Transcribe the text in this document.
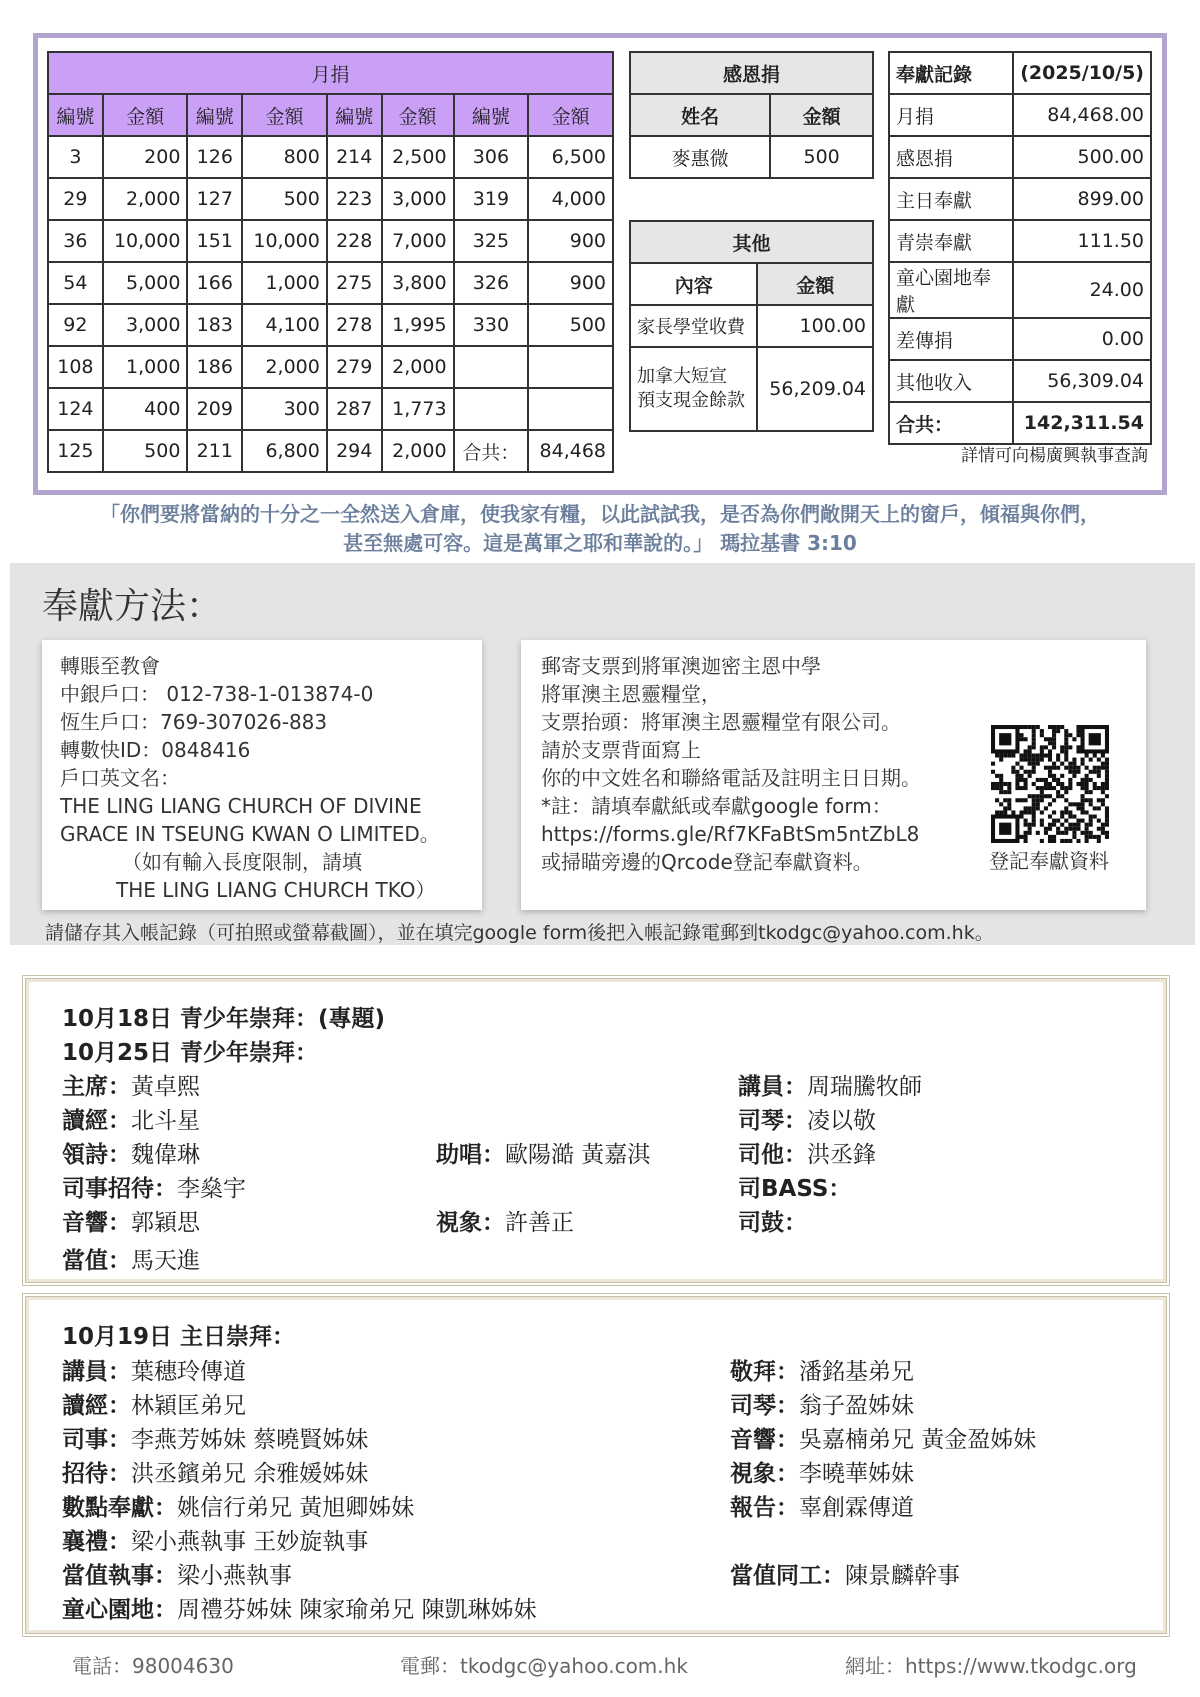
月捐							
編號	金額	編號	金額	編號	金額	編號	金額
3	200	126	800	214	2,500	306	6,500
29	2,000	127	500	223	3,000	319	4,000
36	10,000	151	10,000	228	7,000	325	900
54	5,000	166	1,000	275	3,800	326	900
92	3,000	183	4,100	278	1,995	330	500
108	1,000	186	2,000	279	2,000		
124	400	209	300	287	1,773		
125	500	211	6,800	294	2,000	合共：	84,468
感恩捐	
姓名	金額
麥惠微	500
其他	
內容	金額
家長學堂收費	100.00
加拿大短宣
預支現金餘款	56,209.04
奉獻記錄	(2025/10/5)
月捐	84,468.00
感恩捐	500.00
主日奉獻	899.00
青崇奉獻	111.50
童心園地奉獻	24.00
差傳捐	0.00
其他收入	56,309.04
合共：	142,311.54
詳情可向楊廣興執事查詢
「你們要將當納的十分之一全然送入倉庫，使我家有糧，以此試試我，是否為你們敞開天上的窗戶，傾福與你們，
甚至無處可容。這是萬軍之耶和華說的。」 瑪拉基書 3:10
奉獻方法：

轉賬至教會

中銀戶口： 012-738-1-013874-0

恆生戶口：769-307026-883

轉數快ID：0848416

戶口英文名：

THE LING LIANG CHURCH OF DIVINE

GRACE IN TSEUNG KWAN O LIMITED。

（如有輸入長度限制，請填

THE LING LIANG CHURCH TKO）

郵寄支票到將軍澳迦密主恩中學

將軍澳主恩靈糧堂，

支票抬頭：將軍澳主恩靈糧堂有限公司。

請於支票背面寫上

你的中文姓名和聯絡電話及註明主日日期。

*註：請填奉獻紙或奉獻google form：

https://forms.gle/Rf7KFaBtSm5ntZbL8

或掃瞄旁邊的Qrcode登記奉獻資料。	登記奉獻資料
請儲存其入帳記錄（可拍照或螢幕截圖），並在填完google form後把入帳記錄電郵到tkodgc@yahoo.com.hk。
10月18日 青少年崇拜：(專題)
10月25日 青少年崇拜：
主席：黃卓熙
讀經：北斗星
領詩：魏偉琳
司事招待：李燊宇
音響：郭穎思
當值：馬天進
助唱：歐陽澔 黃嘉淇
視象：許善正
講員：周瑞騰牧師
司琴：凌以敬
司他：洪丞鋒
司BASS：
司鼓：
10月19日 主日崇拜：
講員：葉穗玲傳道
讀經：林穎匡弟兄
司事：李燕芳姊妹 蔡曉賢姊妹
招待：洪丞鑌弟兄 余雅媛姊妹
數點奉獻：姚信行弟兄 黃旭卿姊妹
襄禮：梁小燕執事 王妙旋執事
當值執事：梁小燕執事
童心園地：周禮芬姊妹 陳家瑜弟兄 陳凱琳姊妹
敬拜：潘銘基弟兄
司琴：翁子盈姊妹
音響：吳嘉楠弟兄 黃金盈姊妹
視象：李曉華姊妹
報告：辜創霖傳道
當值同工：陳景麟幹事
電話：98004630	電郵：tkodgc@yahoo.com.hk	網址：https://www.tkodgc.org
